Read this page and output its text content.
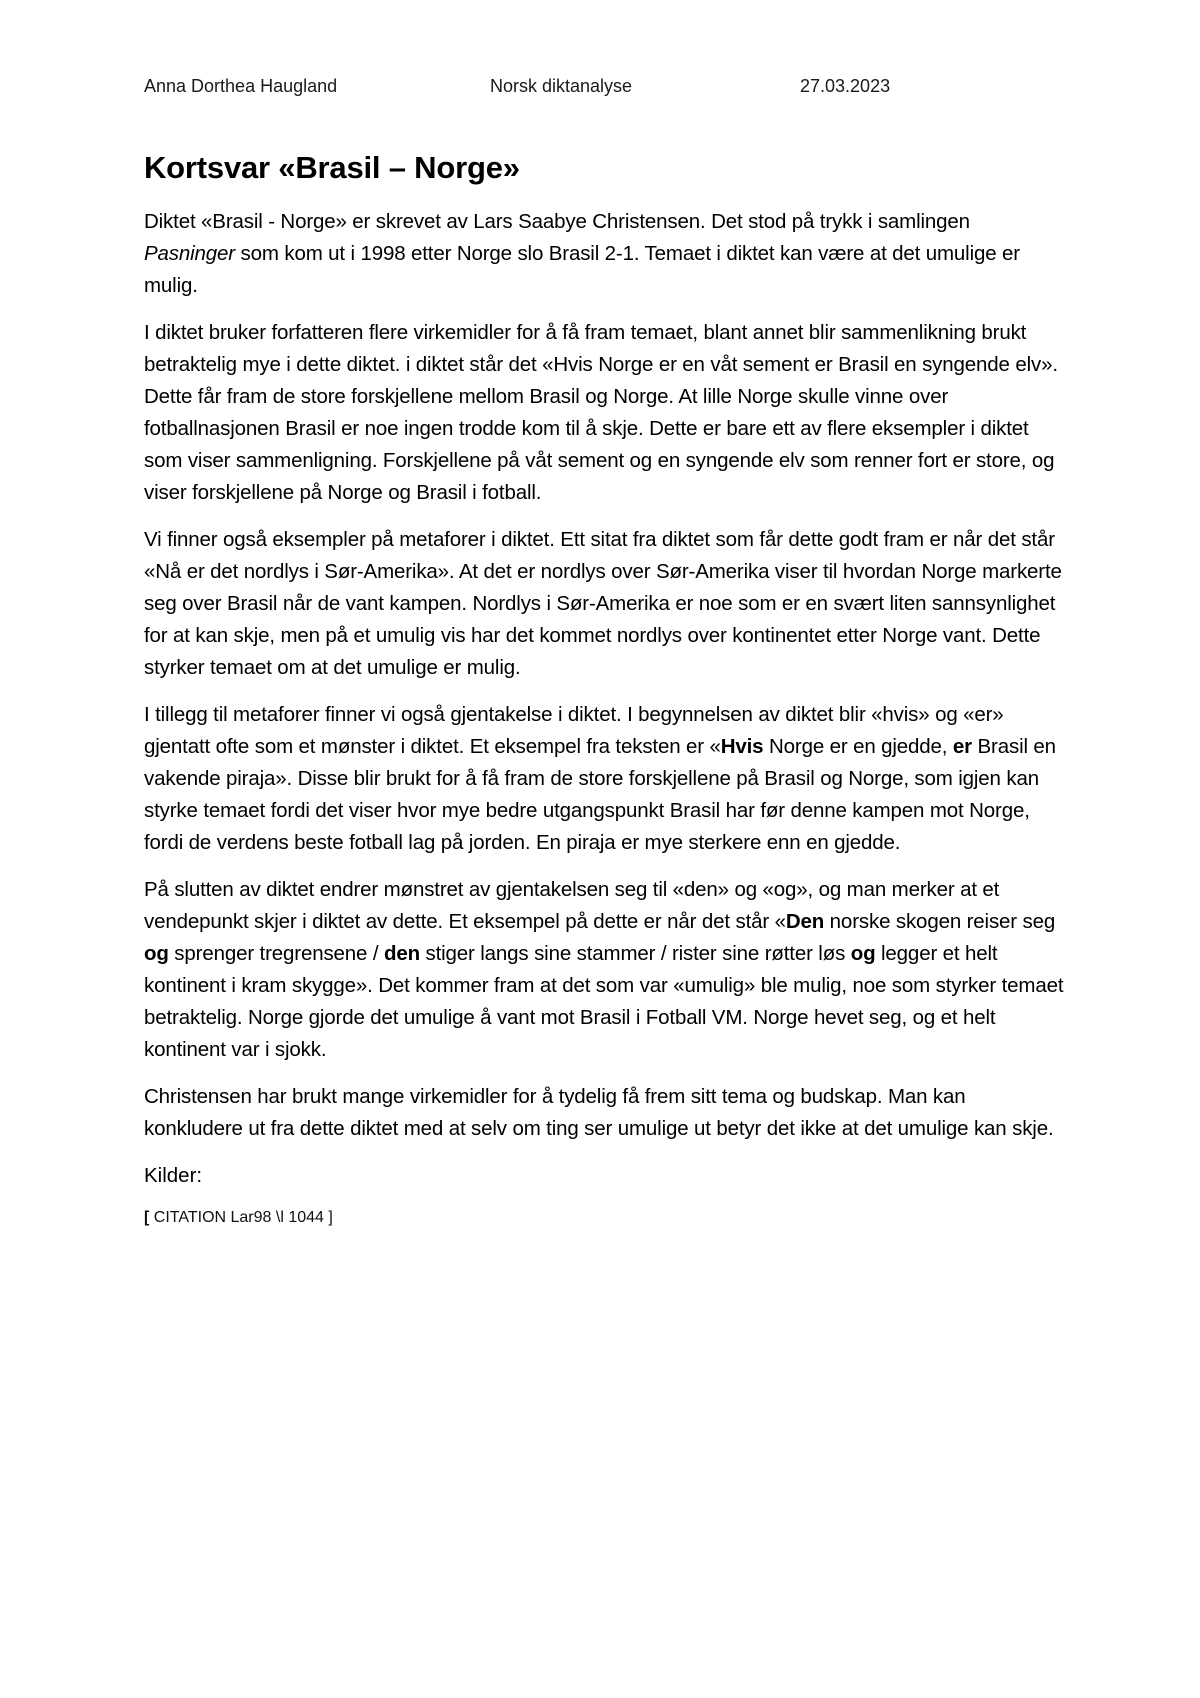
Anna Dorthea Haugland	Norsk diktanalyse	27.03.2023
Kortsvar «Brasil – Norge»

Diktet «Brasil - Norge» er skrevet av Lars Saabye Christensen. Det stod på trykk i samlingen Pasninger som kom ut i 1998 etter Norge slo Brasil 2-1. Temaet i diktet kan være at det umulige er mulig.

I diktet bruker forfatteren flere virkemidler for å få fram temaet, blant annet blir sammenlikning brukt betraktelig mye i dette diktet. i diktet står det «Hvis Norge er en våt sement er Brasil en syngende elv». Dette får fram de store forskjellene mellom Brasil og Norge. At lille Norge skulle vinne over fotballnasjonen Brasil er noe ingen trodde kom til å skje. Dette er bare ett av flere eksempler i diktet som viser sammenligning. Forskjellene på våt sement og en syngende elv som renner fort er store, og viser forskjellene på Norge og Brasil i fotball.

Vi finner også eksempler på metaforer i diktet. Ett sitat fra diktet som får dette godt fram er når det står «Nå er det nordlys i Sør-Amerika». At det er nordlys over Sør-Amerika viser til hvordan Norge markerte seg over Brasil når de vant kampen. Nordlys i Sør-Amerika er noe som er en svært liten sannsynlighet for at kan skje, men på et umulig vis har det kommet nordlys over kontinentet etter Norge vant. Dette styrker temaet om at det umulige er mulig.

I tillegg til metaforer finner vi også gjentakelse i diktet. I begynnelsen av diktet blir «hvis» og «er» gjentatt ofte som et mønster i diktet. Et eksempel fra teksten er «Hvis Norge er en gjedde, er Brasil en vakende piraja». Disse blir brukt for å få fram de store forskjellene på Brasil og Norge, som igjen kan styrke temaet fordi det viser hvor mye bedre utgangspunkt Brasil har før denne kampen mot Norge, fordi de verdens beste fotball lag på jorden. En piraja er mye sterkere enn en gjedde.

På slutten av diktet endrer mønstret av gjentakelsen seg til «den» og «og», og man merker at et vendepunkt skjer i diktet av dette. Et eksempel på dette er når det står «Den norske skogen reiser seg og sprenger tregrensene / den stiger langs sine stammer / rister sine røtter løs og legger et helt kontinent i kram skygge». Det kommer fram at det som var «umulig» ble mulig, noe som styrker temaet betraktelig. Norge gjorde det umulige å vant mot Brasil i Fotball VM. Norge hevet seg, og et helt kontinent var i sjokk.

Christensen har brukt mange virkemidler for å tydelig få frem sitt tema og budskap. Man kan konkludere ut fra dette diktet med at selv om ting ser umulige ut betyr det ikke at det umulige kan skje.

Kilder:
[ CITATION Lar98 \l 1044 ]
